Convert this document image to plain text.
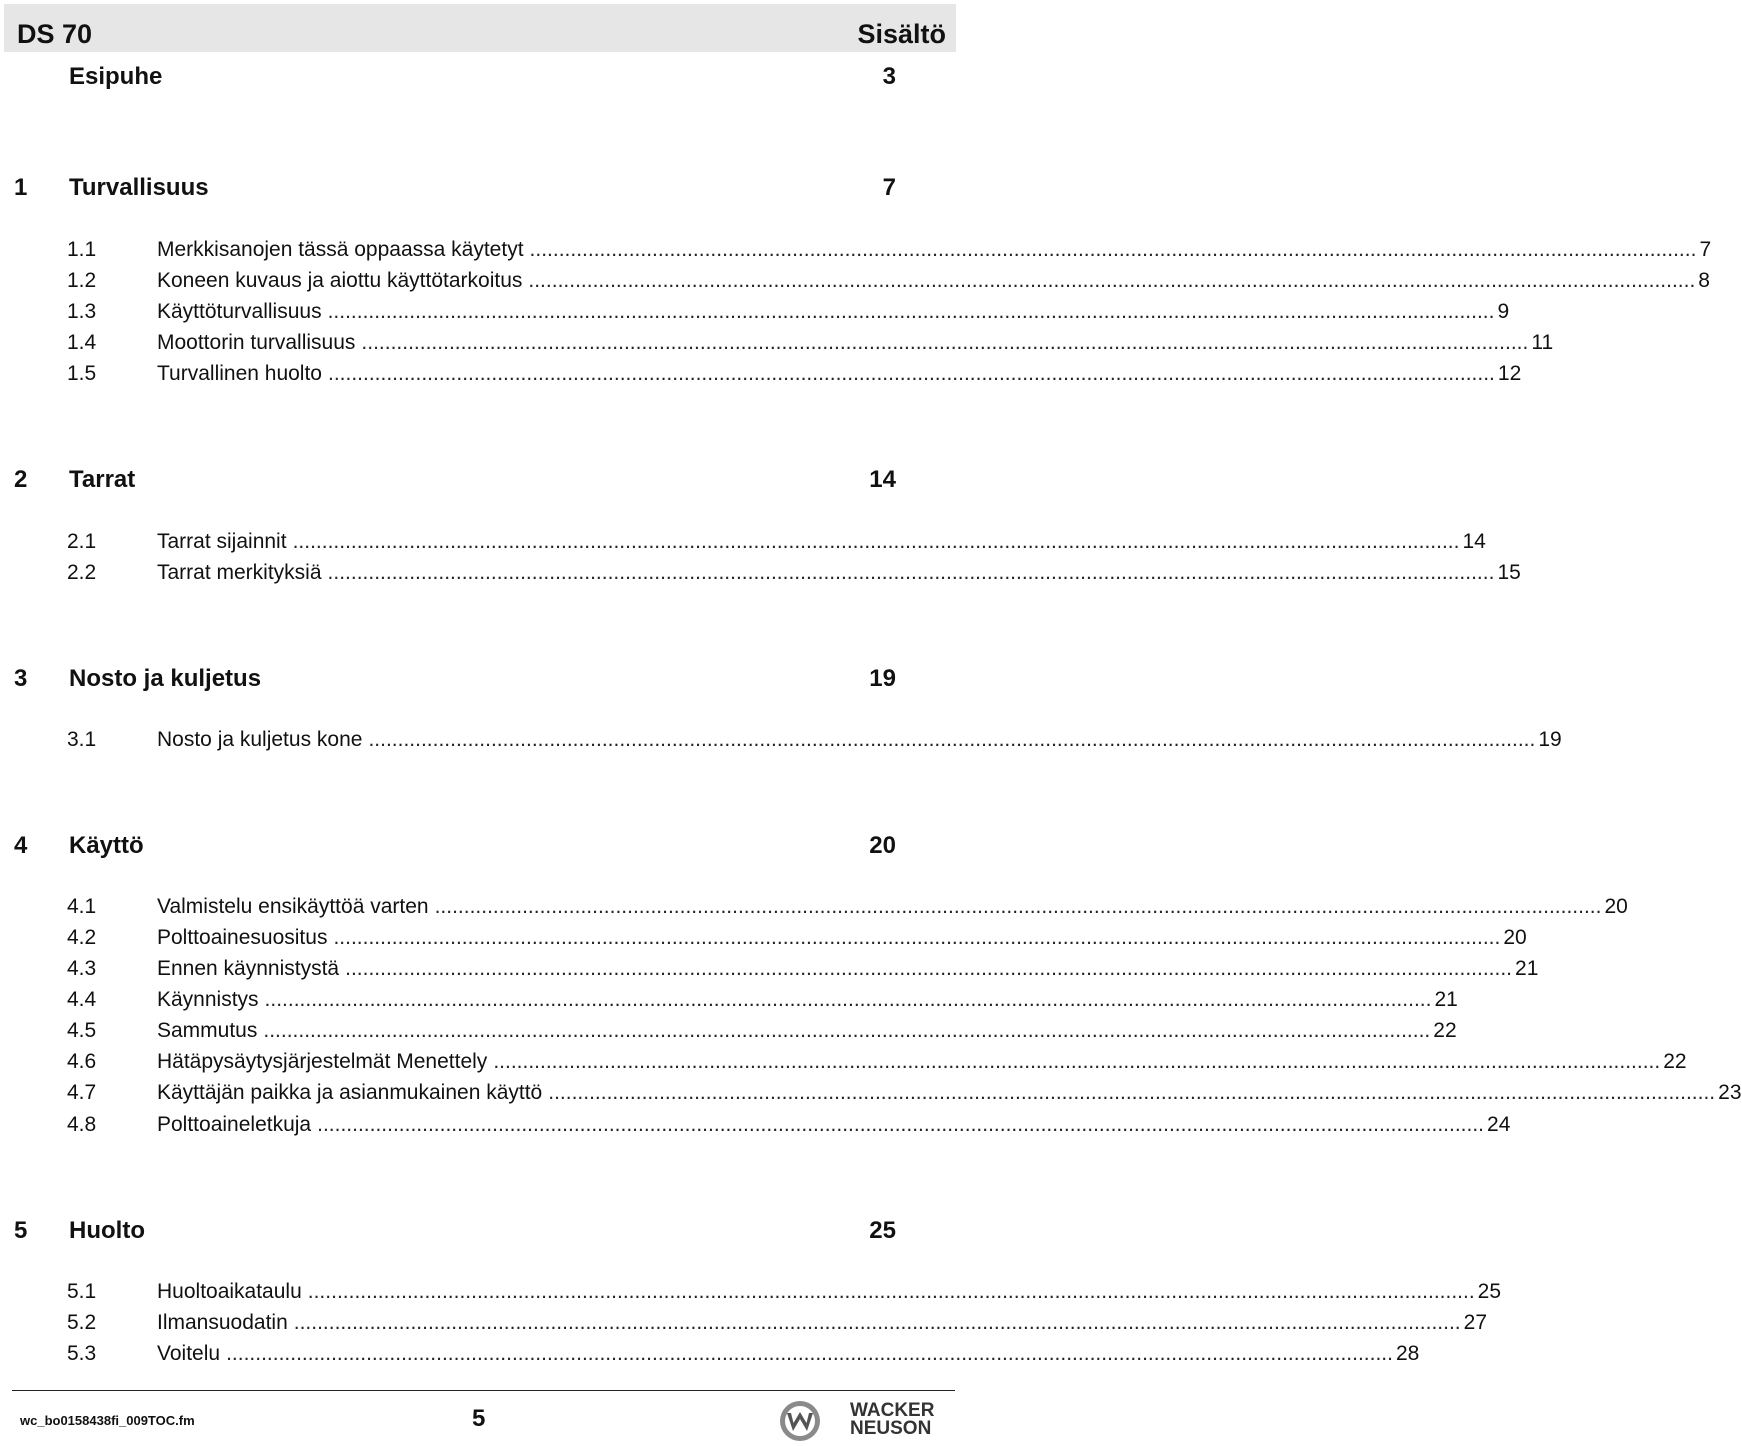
DS 70	Sisältö
Esipuhe	3
1 Turvallisuus	7
1.1	Merkkisanojen tässä oppaassa käytetyt ........................................................................................................................................................................................................ 7
1.2	Koneen kuvaus ja aiottu käyttötarkoitus ........................................................................................................................................................................................................ 8
1.3	Käyttöturvallisuus ........................................................................................................................................................................................................ 9
1.4	Moottorin turvallisuus ........................................................................................................................................................................................................ 11
1.5	Turvallinen huolto ........................................................................................................................................................................................................ 12
2 Tarrat	14
2.1	Tarrat sijainnit ........................................................................................................................................................................................................ 14
2.2	Tarrat merkityksiä ........................................................................................................................................................................................................ 15
3 Nosto ja kuljetus	19
3.1	Nosto ja kuljetus kone ........................................................................................................................................................................................................ 19
4 Käyttö	20
4.1	Valmistelu ensikäyttöä varten ........................................................................................................................................................................................................ 20
4.2	Polttoainesuositus ........................................................................................................................................................................................................ 20
4.3	Ennen käynnistystä ........................................................................................................................................................................................................ 21
4.4	Käynnistys ........................................................................................................................................................................................................ 21
4.5	Sammutus ........................................................................................................................................................................................................ 22
4.6	Hätäpysäytysjärjestelmät Menettely ........................................................................................................................................................................................................ 22
4.7	Käyttäjän paikka ja asianmukainen käyttö ........................................................................................................................................................................................................ 23
4.8	Polttoaineletkuja ........................................................................................................................................................................................................ 24
5 Huolto	25
5.1	Huoltoaikataulu ........................................................................................................................................................................................................ 25
5.2	Ilmansuodatin ........................................................................................................................................................................................................ 27
5.3	Voitelu ........................................................................................................................................................................................................ 28
wc_bo0158438fi_009TOC.fm	5	WACKER
NEUSON
